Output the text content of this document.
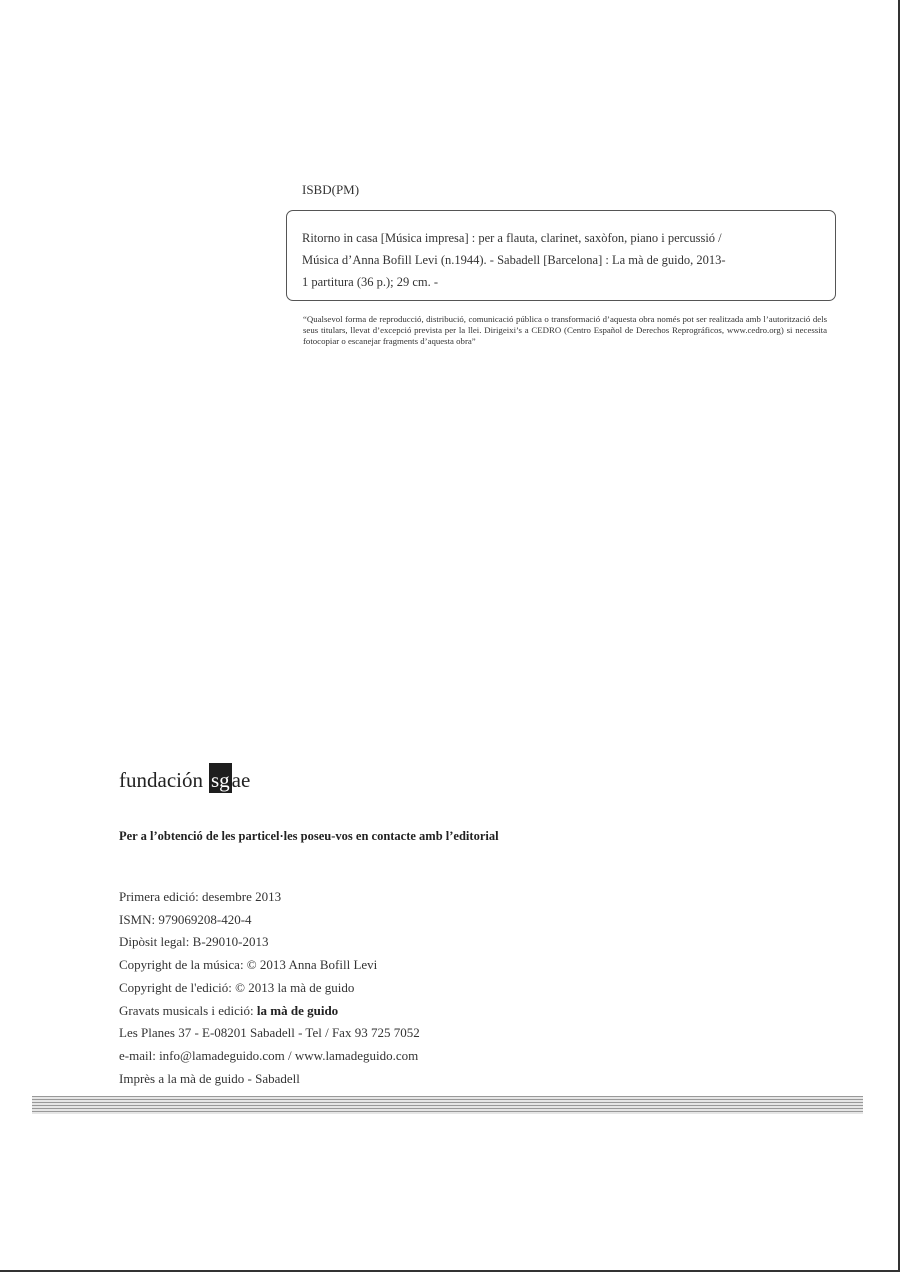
ISBD(PM)
Ritorno in casa [Música impresa] : per a flauta, clarinet, saxòfon, piano i percussió /
Música d’Anna Bofill Levi (n.1944). - Sabadell [Barcelona] : La mà de guido, 2013-
1 partitura (36 p.); 29 cm. -
“Qualsevol forma de reproducció, distribució, comunicació pública o transformació d’aquesta obra només pot ser realitzada amb l’autorització dels seus titulars, llevat d’excepció prevista per la llei. Dirigeixi’s a CEDRO (Centro Español de Derechos Reprográficos, www.cedro.org) si necessita fotocopiar o escanejar fragments d’aquesta obra”
fundación sg ae
Per a l’obtenció de les particel·les poseu-vos en contacte amb l’editorial
Primera edició: desembre 2013
ISMN: 979069208-420-4
Dipòsit legal: B-29010-2013
Copyright de la música: © 2013 Anna Bofill Levi
Copyright de l'edició: © 2013 la mà de guido
Gravats musicals i edició: la mà de guido
Les Planes 37 - E-08201 Sabadell - Tel / Fax 93 725 7052
e-mail: info@lamadeguido.com / www.lamadeguido.com
Imprès a la mà de guido - Sabadell
